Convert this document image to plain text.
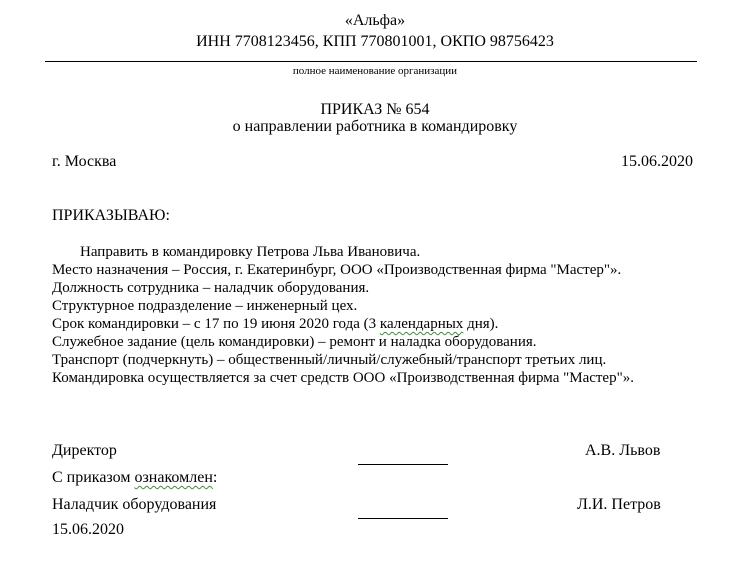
«Альфа»
ИНН 7708123456, КПП 770801001, ОКПО 98756423
полное наименование организации
ПРИКАЗ № 654
о направлении работника в командировку
г. Москва	15.06.2020
ПРИКАЗЫВАЮ:
Направить в командировку Петрова Льва Ивановича.
Место назначения – Россия, г. Екатеринбург, ООО «Производственная фирма "Мастер"».
Должность сотрудника – наладчик оборудования.
Структурное подразделение – инженерный цех.
Срок командировки – с 17 по 19 июня 2020 года (3 календарных дня).
Служебное задание (цель командировки) – ремонт и наладка оборудования.
Транспорт (подчеркнуть) – общественный/личный/служебный/транспорт третьих лиц.
Командировка осуществляется за счет средств ООО «Производственная фирма "Мастер"».
Директор	А.В. Львов
С приказом ознакомлен:
Наладчик оборудования	Л.И. Петров
15.06.2020
